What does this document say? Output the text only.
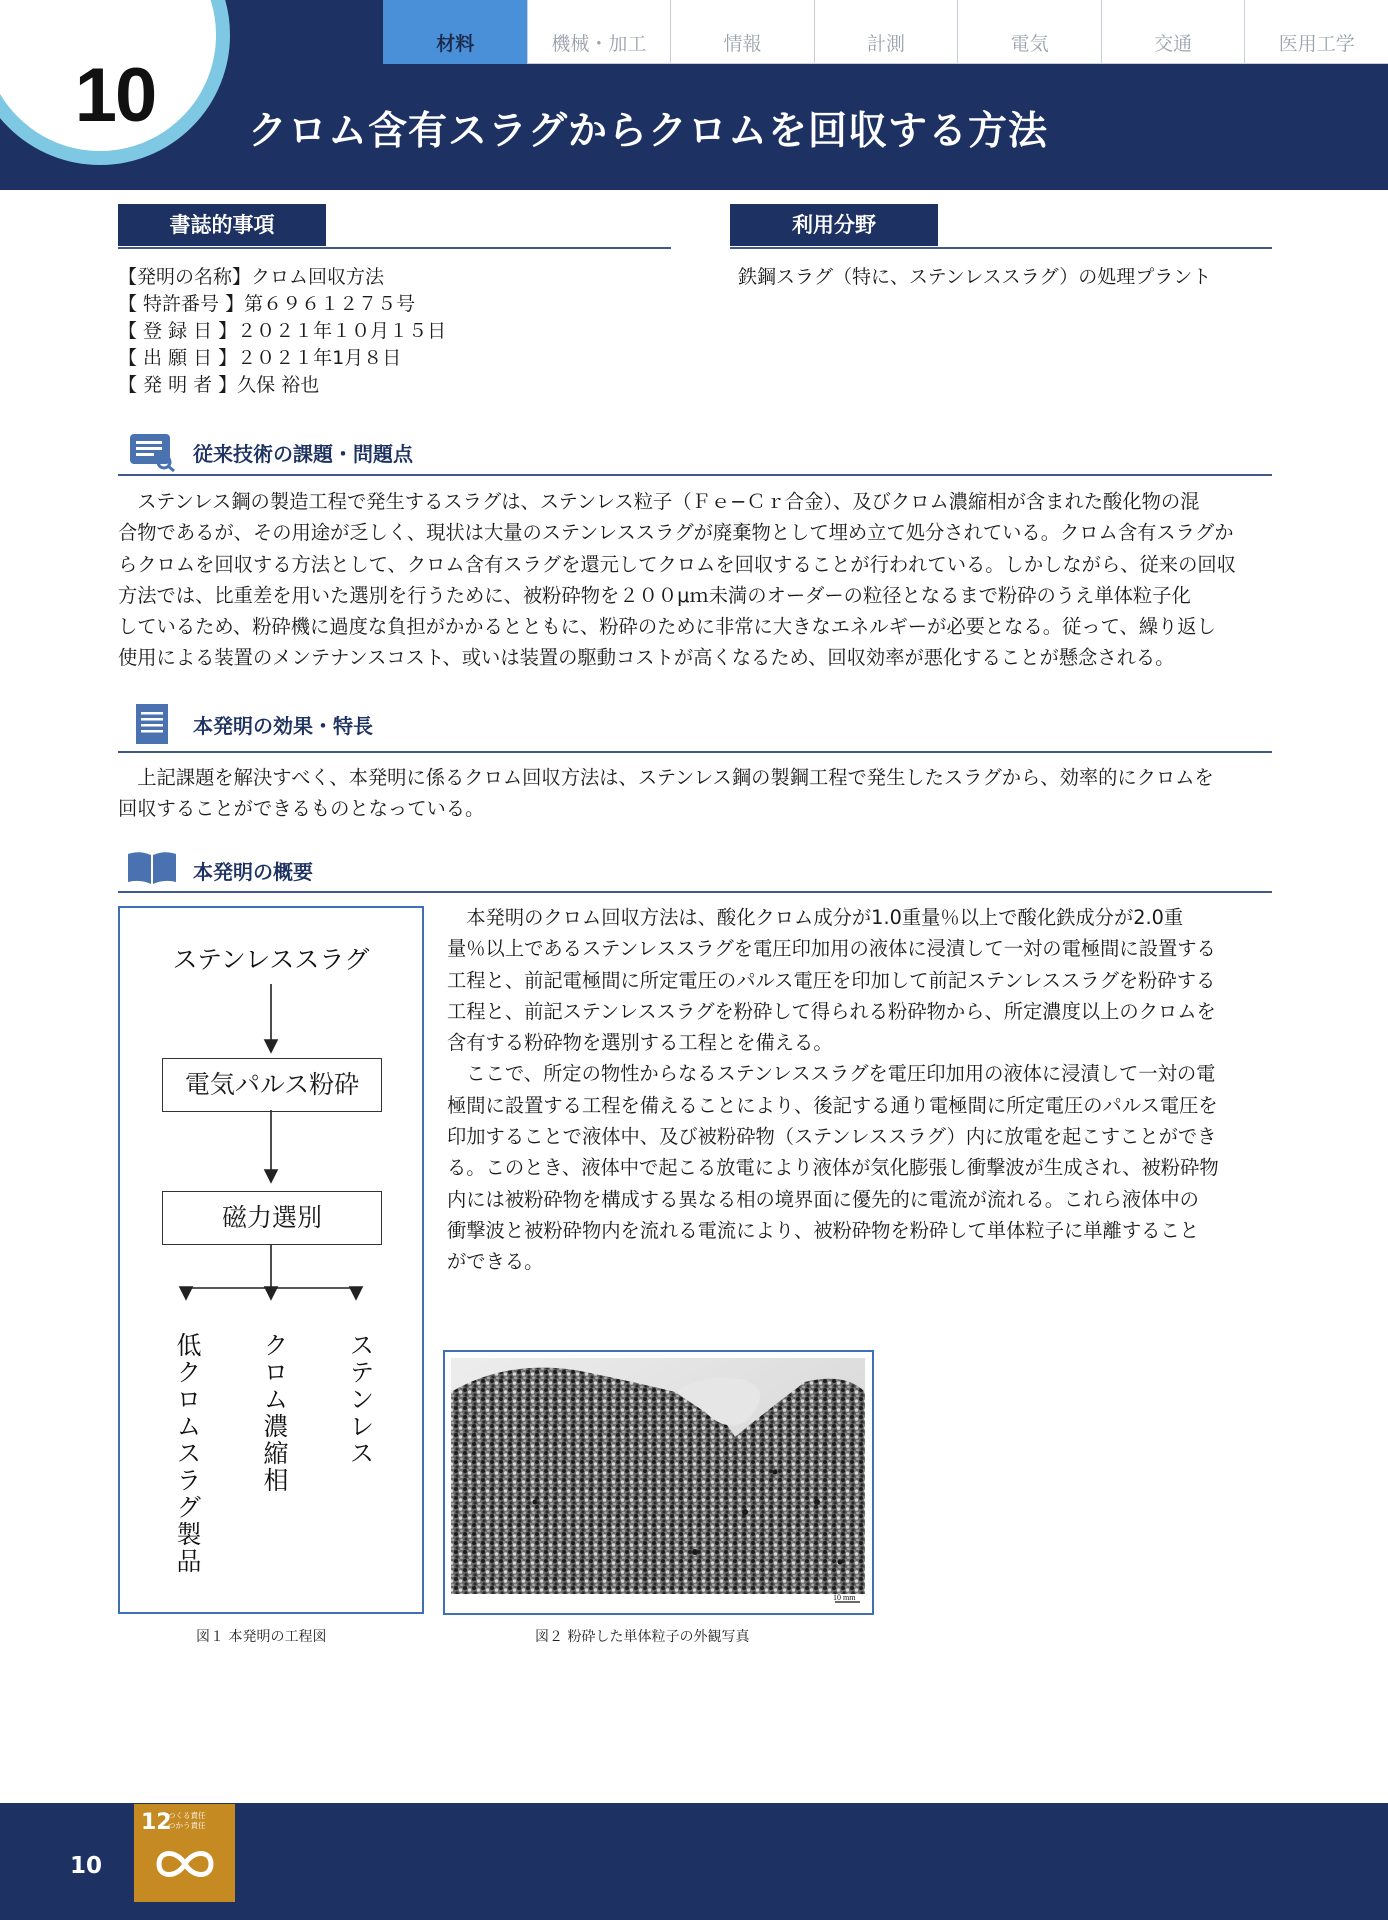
材料	機械・加工	情報	計測	電気	交通	医用工学
10	クロム含有スラグからクロムを回収する方法
書誌的事項
【発明の名称】クロム回収方法
【 特許番号 】第６９６１２７５号
【 登 録 日 】２０２１年１０月１５日
【 出 願 日 】２０２１年1月８日
【 発 明 者 】久保 裕也
利用分野
鉄鋼スラグ（特に、ステンレススラグ）の処理プラント
従来技術の課題・問題点
　ステンレス鋼の製造工程で発生するスラグは、ステンレス粒子（Ｆｅ−Ｃｒ合金）、及びクロム濃縮相が含まれた酸化物の混
合物であるが、その用途が乏しく、現状は大量のステンレススラグが廃棄物として埋め立て処分されている。クロム含有スラグか
らクロムを回収する方法として、クロム含有スラグを還元してクロムを回収することが行われている。しかしながら、従来の回収
方法では、比重差を用いた選別を行うために、被粉砕物を２００μｍ未満のオーダーの粒径となるまで粉砕のうえ単体粒子化
しているため、粉砕機に過度な負担がかかるとともに、粉砕のために非常に大きなエネルギーが必要となる。従って、繰り返し
使用による装置のメンテナンスコスト、或いは装置の駆動コストが高くなるため、回収効率が悪化することが懸念される。
本発明の効果・特長
　上記課題を解決すべく、本発明に係るクロム回収方法は、ステンレス鋼の製鋼工程で発生したスラグから、効率的にクロムを
回収することができるものとなっている。
本発明の概要
　本発明のクロム回収方法は、酸化クロム成分が1.0重量％以上で酸化鉄成分が2.0重
量％以上であるステンレススラグを電圧印加用の液体に浸漬して一対の電極間に設置する
工程と、前記電極間に所定電圧のパルス電圧を印加して前記ステンレススラグを粉砕する
工程と、前記ステンレススラグを粉砕して得られる粉砕物から、所定濃度以上のクロムを
含有する粉砕物を選別する工程とを備える。
　ここで、所定の物性からなるステンレススラグを電圧印加用の液体に浸漬して一対の電
極間に設置する工程を備えることにより、後記する通り電極間に所定電圧のパルス電圧を
印加することで液体中、及び被粉砕物（ステンレススラグ）内に放電を起こすことができ
る。このとき、液体中で起こる放電により液体が気化膨張し衝撃波が生成され、被粉砕物
内には被粉砕物を構成する異なる相の境界面に優先的に電流が流れる。これら液体中の
衝撃波と被粉砕物内を流れる電流により、被粉砕物を粉砕して単体粒子に単離すること
ができる。
ステンレススラグ
電気パルス粉砕
磁力選別
低クロムスラグ製品 クロム濃縮相 ステンレス
図１ 本発明の工程図
10 mm
図２ 粉砕した単体粒子の外観写真
10
12
つくる責任
つかう責任
